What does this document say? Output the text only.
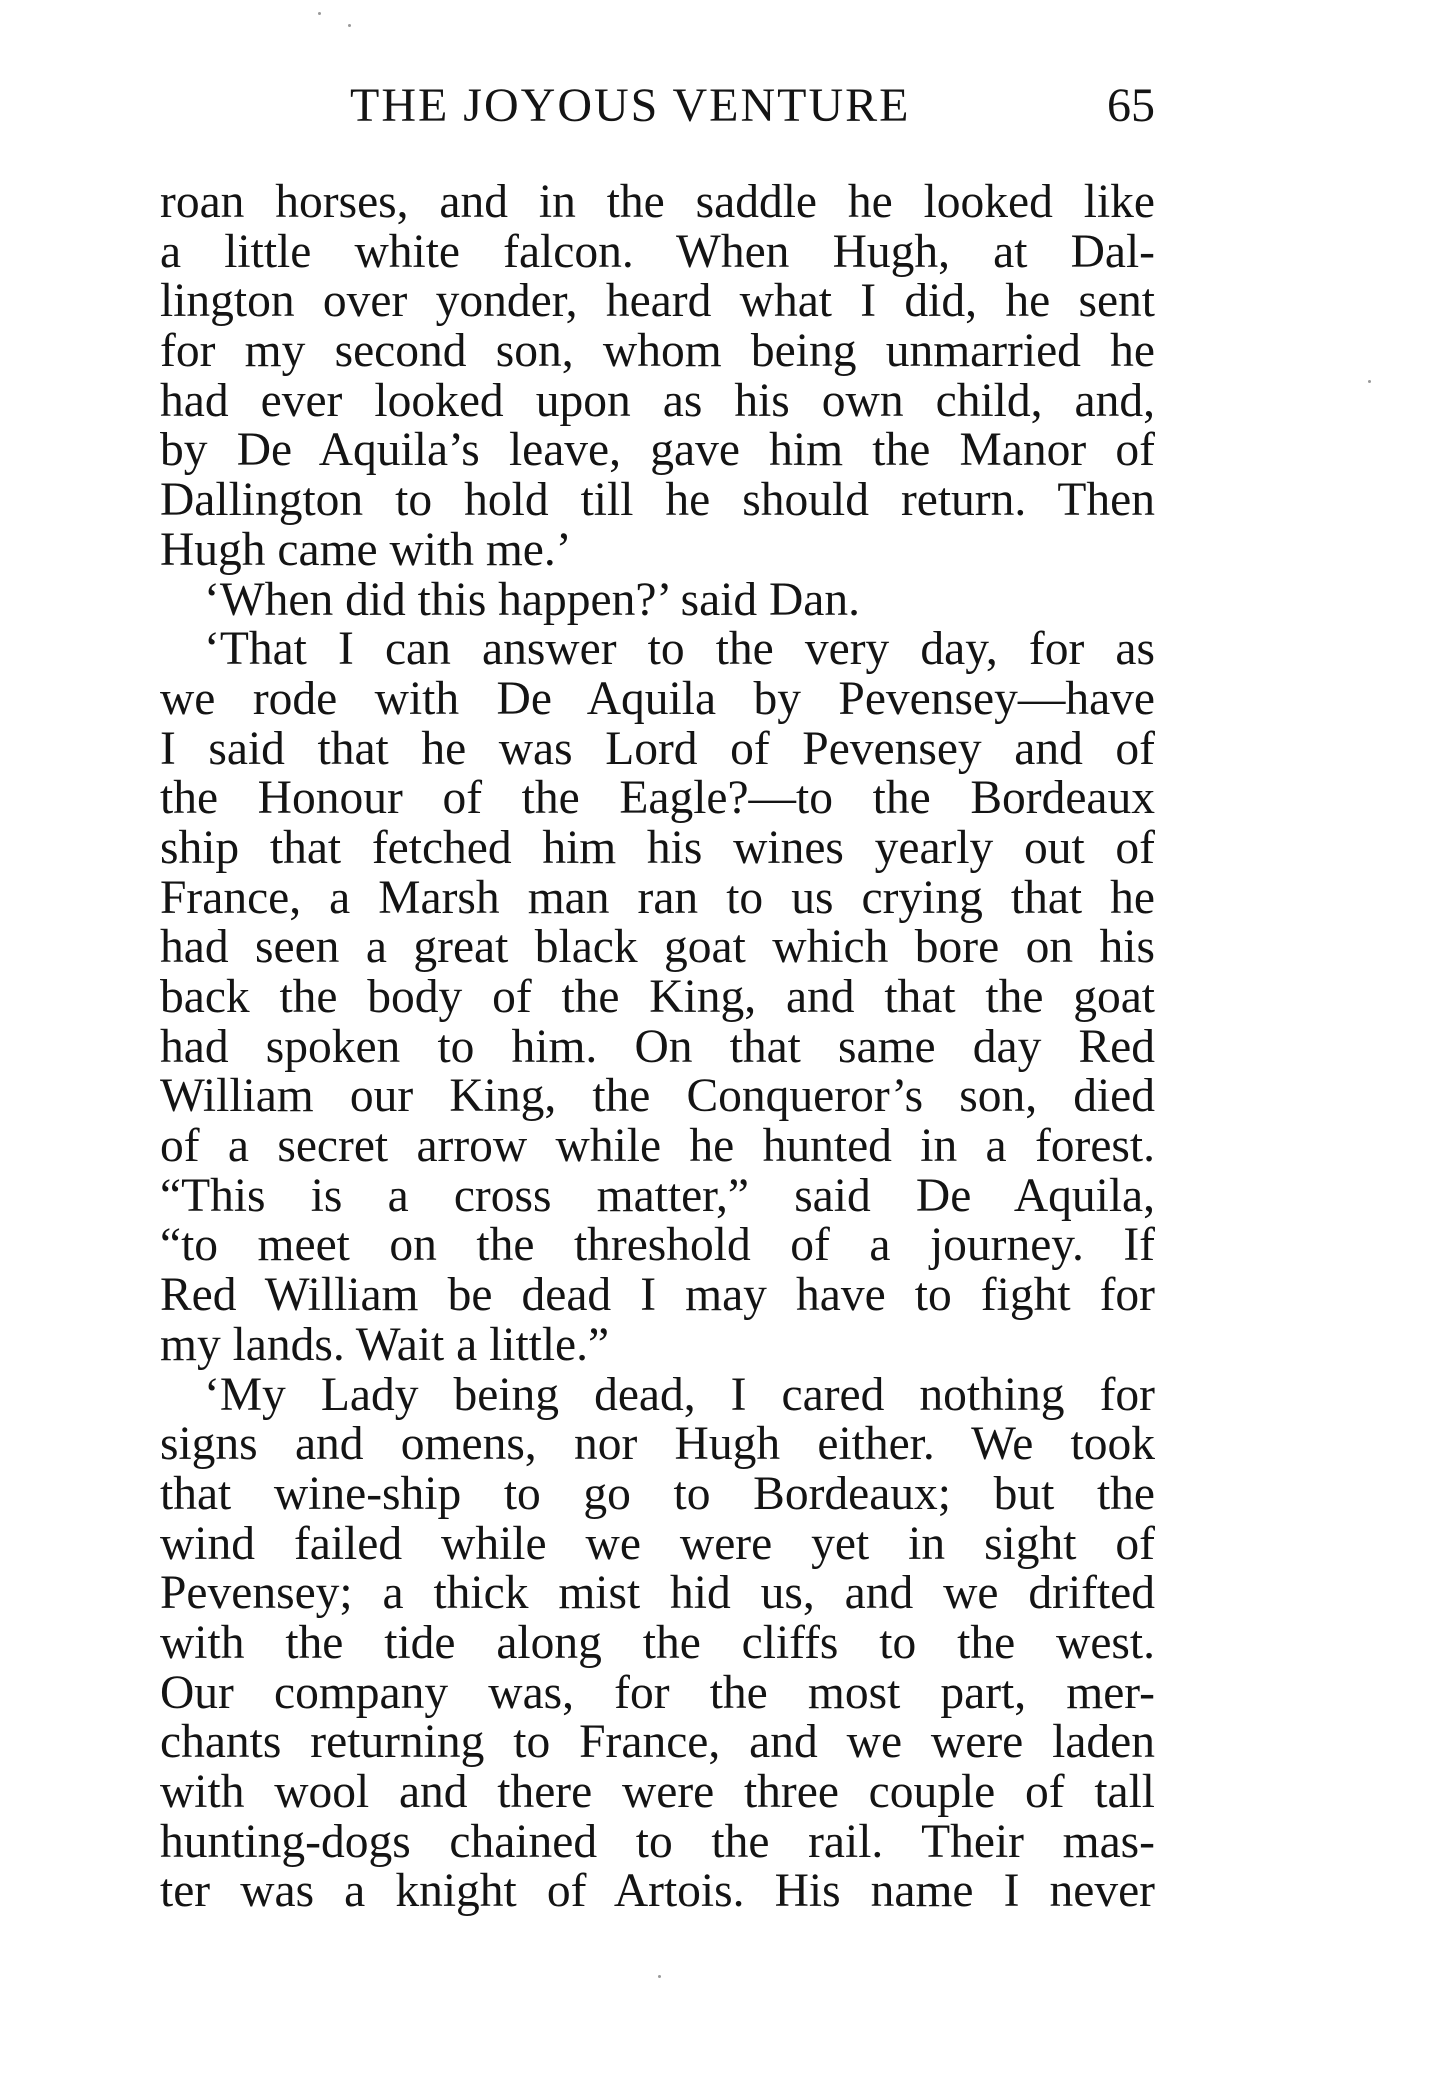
THE JOYOUS VENTURE	65
roan horses, and in the saddle he looked like
a little white falcon. When Hugh, at Dal-
lington over yonder, heard what I did, he sent
for my second son, whom being unmarried he
had ever looked upon as his own child, and,
by De Aquila’s leave, gave him the Manor of
Dallington to hold till he should return. Then
Hugh came with me.’
‘When did this happen?’ said Dan.
‘That I can answer to the very day, for as
we rode with De Aquila by Pevensey—have
I said that he was Lord of Pevensey and of
the Honour of the Eagle?—to the Bordeaux
ship that fetched him his wines yearly out of
France, a Marsh man ran to us crying that he
had seen a great black goat which bore on his
back the body of the King, and that the goat
had spoken to him. On that same day Red
William our King, the Conqueror’s son, died
of a secret arrow while he hunted in a forest.
“This is a cross matter,” said De Aquila,
“to meet on the threshold of a journey. If
Red William be dead I may have to fight for
my lands. Wait a little.”
‘My Lady being dead, I cared nothing for
signs and omens, nor Hugh either. We took
that wine-ship to go to Bordeaux; but the
wind failed while we were yet in sight of
Pevensey; a thick mist hid us, and we drifted
with the tide along the cliffs to the west.
Our company was, for the most part, mer-
chants returning to France, and we were laden
with wool and there were three couple of tall
hunting-dogs chained to the rail. Their mas-
ter was a knight of Artois. His name I never
